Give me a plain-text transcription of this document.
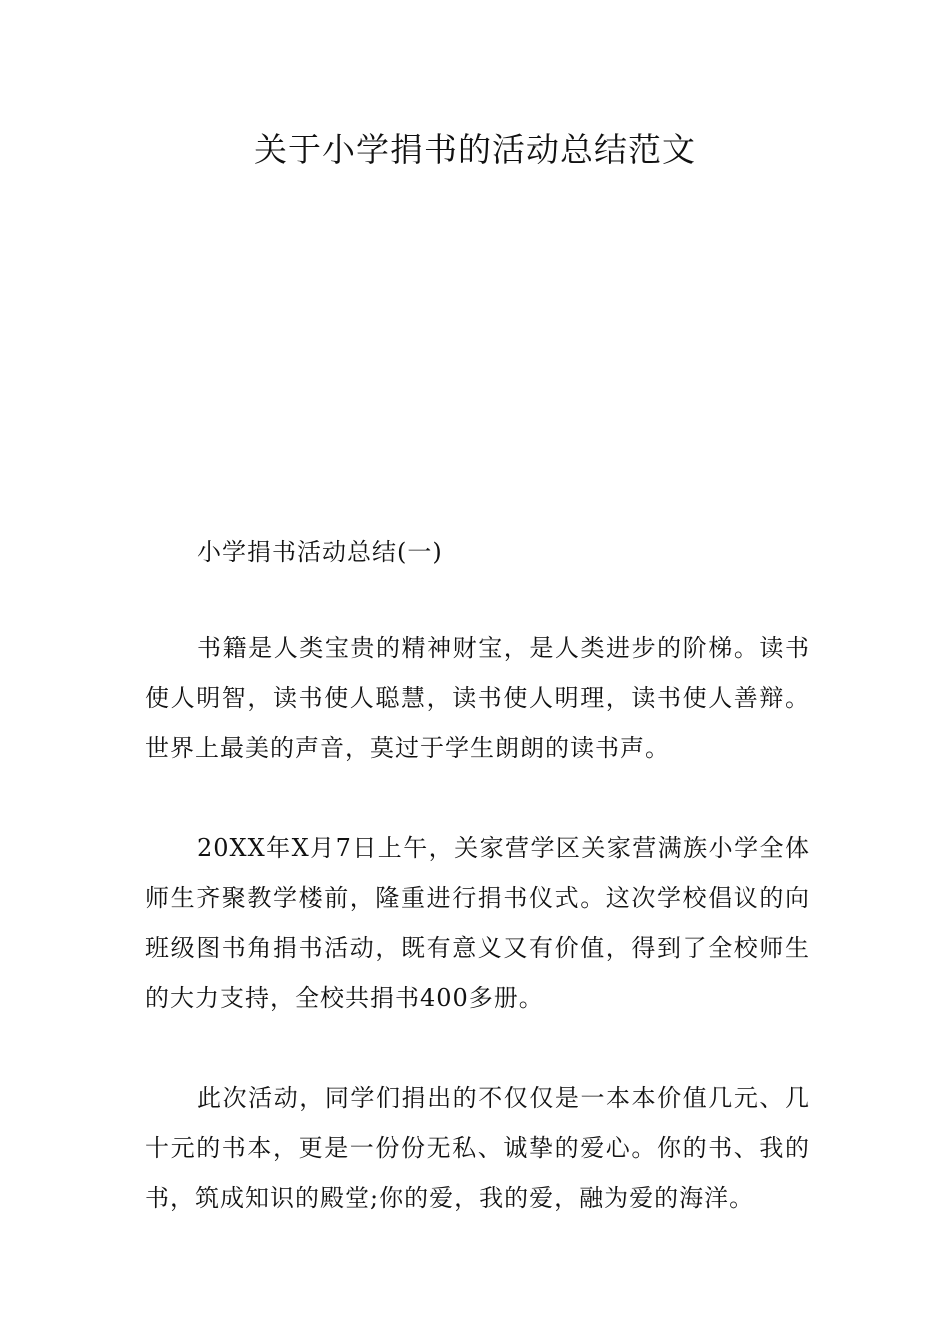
关于小学捐书的活动总结范文

小学捐书活动总结(一)

书籍是人类宝贵的精神财宝，是人类进步的阶梯。读书使人明智，读书使人聪慧，读书使人明理，读书使人善辩。世界上最美的声音，莫过于学生朗朗的读书声。

20XX年X月7日上午，关家营学区关家营满族小学全体师生齐聚教学楼前，隆重进行捐书仪式。这次学校倡议的向班级图书角捐书活动，既有意义又有价值，得到了全校师生的大力支持，全校共捐书400多册。

此次活动，同学们捐出的不仅仅是一本本价值几元、几十元的书本，更是一份份无私、诚挚的爱心。你的书、我的书，筑成知识的殿堂;你的爱，我的爱，融为爱的海洋。
